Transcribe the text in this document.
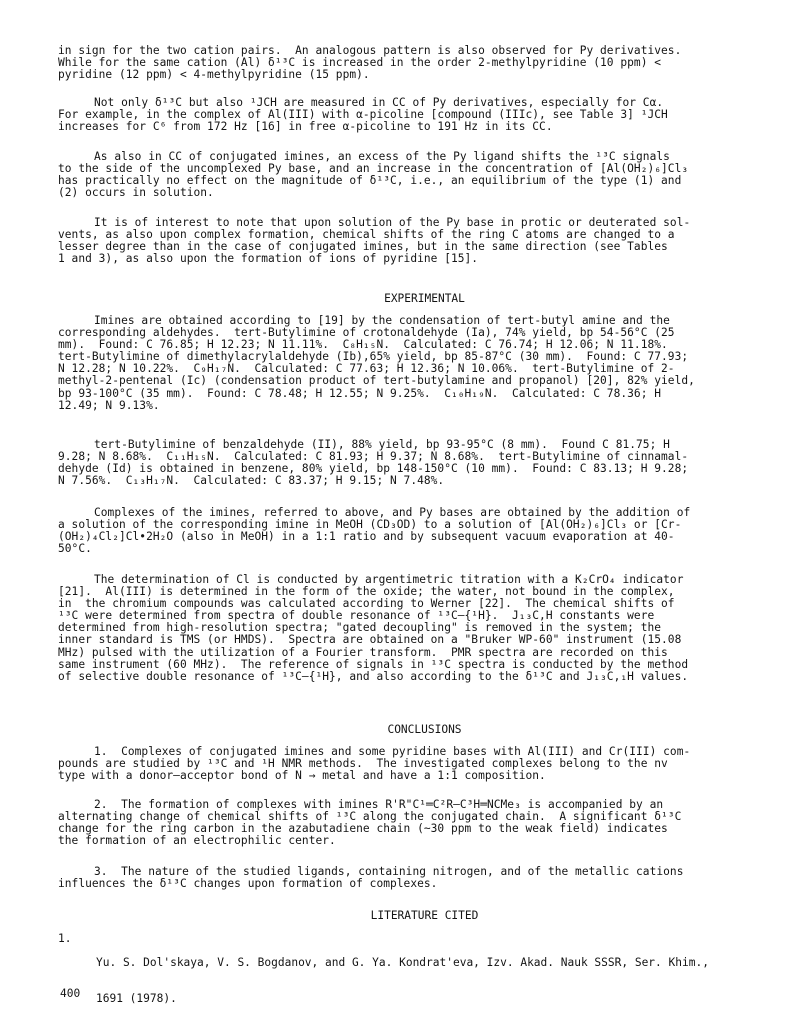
in sign for the two cation pairs.  An analogous pattern is also observed for Py derivatives.
While for the same cation (Al) δ¹³C is increased in the order 2-methylpyridine (10 ppm) <
pyridine (12 ppm) < 4-methylpyridine (15 ppm).
Not only δ¹³C but also ¹JCH are measured in CC of Py derivatives, especially for Cα.
For example, in the complex of Al(III) with α-picoline [compound (IIIc), see Table 3] ¹JCH
increases for C⁶ from 172 Hz [16] in free α-picoline to 191 Hz in its CC.
As also in CC of conjugated imines, an excess of the Py ligand shifts the ¹³C signals
to the side of the uncomplexed Py base, and an increase in the concentration of [Al(OH₂)₆]Cl₃
has practically no effect on the magnitude of δ¹³C, i.e., an equilibrium of the type (1) and
(2) occurs in solution.
It is of interest to note that upon solution of the Py base in protic or deuterated sol-
vents, as also upon complex formation, chemical shifts of the ring C atoms are changed to a
lesser degree than in the case of conjugated imines, but in the same direction (see Tables
1 and 3), as also upon the formation of ions of pyridine [15].
EXPERIMENTAL
Imines are obtained according to [19] by the condensation of tert-butyl amine and the
corresponding aldehydes.  tert-Butylimine of crotonaldehyde (Ia), 74% yield, bp 54-56°C (25
mm).  Found: C 76.85; H 12.23; N 11.11%.  C₈H₁₅N.  Calculated: C 76.74; H 12.06; N 11.18%.
tert-Butylimine of dimethylacrylaldehyde (Ib),65% yield, bp 85-87°C (30 mm).  Found: C 77.93;
N 12.28; N 10.22%.  C₉H₁₇N.  Calculated: C 77.63; H 12.36; N 10.06%.  tert-Butylimine of 2-
methyl-2-pentenal (Ic) (condensation product of tert-butylamine and propanol) [20], 82% yield,
bp 93-100°C (35 mm).  Found: C 78.48; H 12.55; N 9.25%.  C₁₀H₁₉N.  Calculated: C 78.36; H
12.49; N 9.13%.
tert-Butylimine of benzaldehyde (II), 88% yield, bp 93-95°C (8 mm).  Found C 81.75; H
9.28; N 8.68%.  C₁₁H₁₅N.  Calculated: C 81.93; H 9.37; N 8.68%.  tert-Butylimine of cinnamal-
dehyde (Id) is obtained in benzene, 80% yield, bp 148-150°C (10 mm).  Found: C 83.13; H 9.28;
N 7.56%.  C₁₃H₁₇N.  Calculated: C 83.37; H 9.15; N 7.48%.
Complexes of the imines, referred to above, and Py bases are obtained by the addition of
a solution of the corresponding imine in MeOH (CD₃OD) to a solution of [Al(OH₂)₆]Cl₃ or [Cr-
(OH₂)₄Cl₂]Cl•2H₂O (also in MeOH) in a 1:1 ratio and by subsequent vacuum evaporation at 40-
50°C.
The determination of Cl is conducted by argentimetric titration with a K₂CrO₄ indicator
[21].  Al(III) is determined in the form of the oxide; the water, not bound in the complex,
in  the chromium compounds was calculated according to Werner [22].  The chemical shifts of
¹³C were determined from spectra of double resonance of ¹³C—{¹H}.  J₁₃C,H constants were
determined from high-resolution spectra; "gated decoupling" is removed in the system; the
inner standard is TMS (or HMDS).  Spectra are obtained on a "Bruker WP-60" instrument (15.08
MHz) pulsed with the utilization of a Fourier transform.  PMR spectra are recorded on this
same instrument (60 MHz).  The reference of signals in ¹³C spectra is conducted by the method
of selective double resonance of ¹³C—{¹H}, and also according to the δ¹³C and J₁₃C,₁H values.
CONCLUSIONS
1.  Complexes of conjugated imines and some pyridine bases with Al(III) and Cr(III) com-
pounds are studied by ¹³C and ¹H NMR methods.  The investigated complexes belong to the nv
type with a donor—acceptor bond of N → metal and have a 1:1 composition.
2.  The formation of complexes with imines R'R"C¹═C²R—C³H═NCMe₃ is accompanied by an
alternating change of chemical shifts of ¹³C along the conjugated chain.  A significant δ¹³C
change for the ring carbon in the azabutadiene chain (~30 ppm to the weak field) indicates
the formation of an electrophilic center.
3.  The nature of the studied ligands, containing nitrogen, and of the metallic cations
influences the δ¹³C changes upon formation of complexes.
LITERATURE CITED
1.

Yu. S. Dol'skaya, V. S. Bogdanov, and G. Ya. Kondrat'eva, Izv. Akad. Nauk SSSR, Ser. Khim.,

1691 (1978).

400
